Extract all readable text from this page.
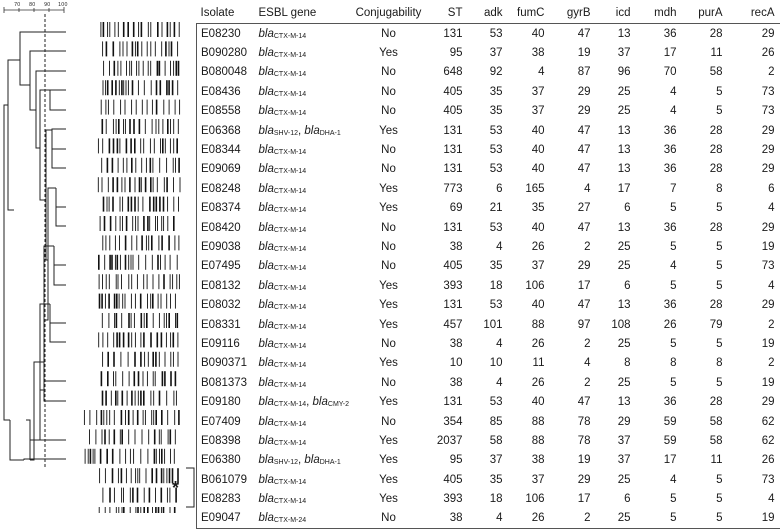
70 80 90 100
*
Isolate	ESBL gene	Conjugability	ST	adk	fumC	gyrB	icd	mdh	purA	recA
E08230	bla$_{CTX-M-14}$	No	131	53	40	47	13	36	28	29
B090280	bla$_{CTX-M-14}$	Yes	95	37	38	19	37	17	11	26
B080048	bla$_{CTX-M-14}$	No	648	92	4	87	96	70	58	2
E08436	bla$_{CTX-M-14}$	No	405	35	37	29	25	4	5	73
E08558	bla$_{CTX-M-14}$	No	405	35	37	29	25	4	5	73
E06368	bla$_{SHV-12}$, bla$_{DHA-1}$	Yes	131	53	40	47	13	36	28	29
E08344	bla$_{CTX-M-14}$	No	131	53	40	47	13	36	28	29
E09069	bla$_{CTX-M-14}$	No	131	53	40	47	13	36	28	29
E08248	bla$_{CTX-M-14}$	Yes	773	6	165	4	17	7	8	6
E08374	bla$_{CTX-M-14}$	Yes	69	21	35	27	6	5	5	4
E08420	bla$_{CTX-M-14}$	No	131	53	40	47	13	36	28	29
E09038	bla$_{CTX-M-14}$	No	38	4	26	2	25	5	5	19
E07495	bla$_{CTX-M-14}$	No	405	35	37	29	25	4	5	73
E08132	bla$_{CTX-M-14}$	Yes	393	18	106	17	6	5	5	4
E08032	bla$_{CTX-M-14}$	Yes	131	53	40	47	13	36	28	29
E08331	bla$_{CTX-M-14}$	Yes	457	101	88	97	108	26	79	2
E09116	bla$_{CTX-M-14}$	No	38	4	26	2	25	5	5	19
B090371	bla$_{CTX-M-14}$	Yes	10	10	11	4	8	8	8	2
B081373	bla$_{CTX-M-14}$	No	38	4	26	2	25	5	5	19
E09180	bla$_{CTX-M-14}$, bla$_{CMY-2}$	Yes	131	53	40	47	13	36	28	29
E07409	bla$_{CTX-M-14}$	No	354	85	88	78	29	59	58	62
E08398	bla$_{CTX-M-14}$	Yes	2037	58	88	78	37	59	58	62
E06380	bla$_{SHV-12}$, bla$_{DHA-1}$	Yes	95	37	38	19	37	17	11	26
B061079	bla$_{CTX-M-14}$	Yes	405	35	37	29	25	4	5	73
E08283	bla$_{CTX-M-14}$	Yes	393	18	106	17	6	5	5	4
E09047	bla$_{CTX-M-24}$	No	38	4	26	2	25	5	5	19
